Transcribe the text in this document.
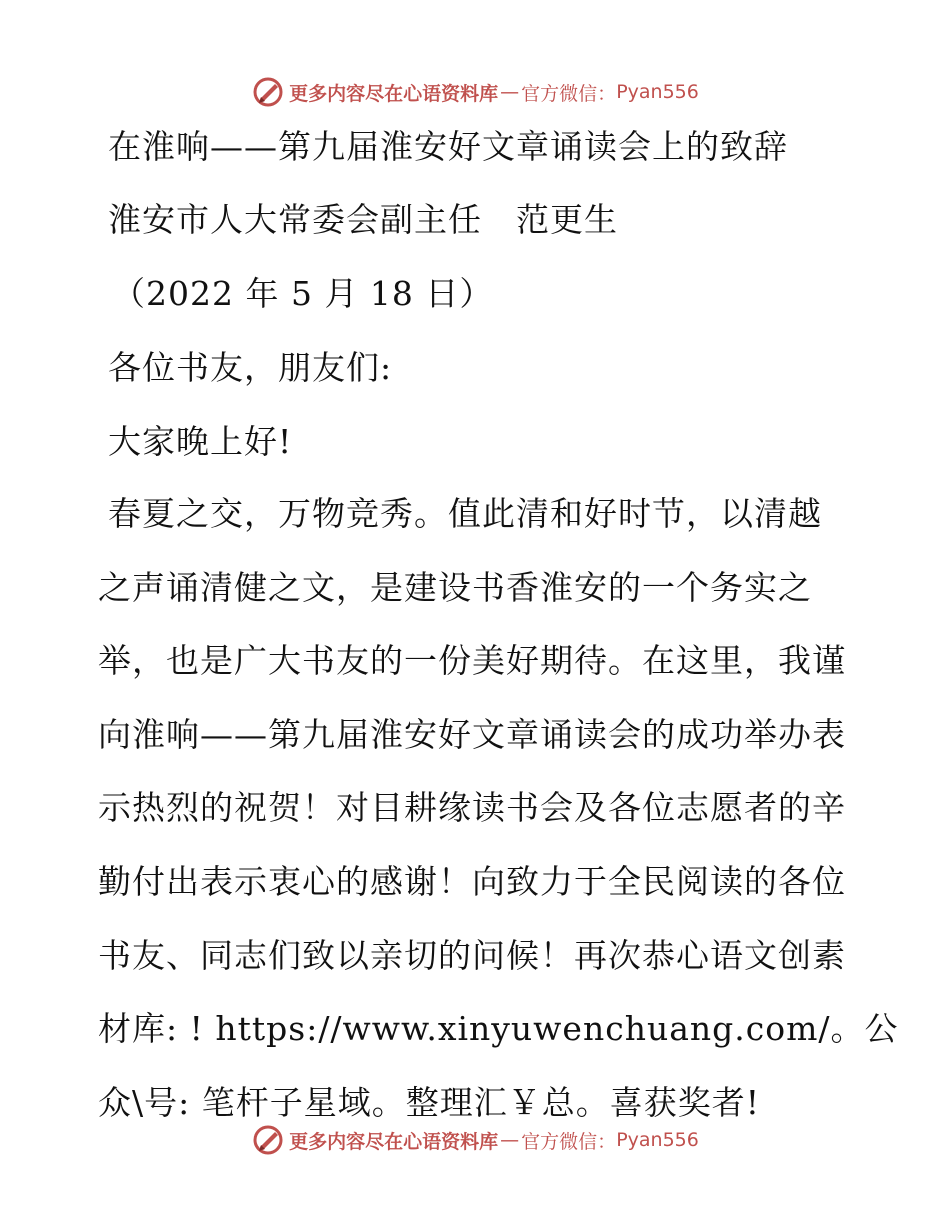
更多内容尽在心语资料库 — 官方微信： Pyan556
在淮响——第九届淮安好文章诵读会上的致辞
淮安市人大常委会副主任　范更生
（2022 年 5 月 18 日）
各位书友，朋友们:
大家晚上好!
春夏之交，万物竞秀。值此清和好时节，以清越
之声诵清健之文，是建设书香淮安的一个务实之
举，也是广大书友的一份美好期待。在这里，我谨
向淮响——第九届淮安好文章诵读会的成功举办表
示热烈的祝贺！对目耕缘读书会及各位志愿者的辛
勤付出表示衷心的感谢！向致力于全民阅读的各位
书友、同志们致以亲切的问候！再次恭心语文创素
材库: ! https://www.xinyuwenchuang.com/。公
众\号: 笔杆子星域。整理汇￥总。喜获奖者!
更多内容尽在心语资料库 — 官方微信： Pyan556
